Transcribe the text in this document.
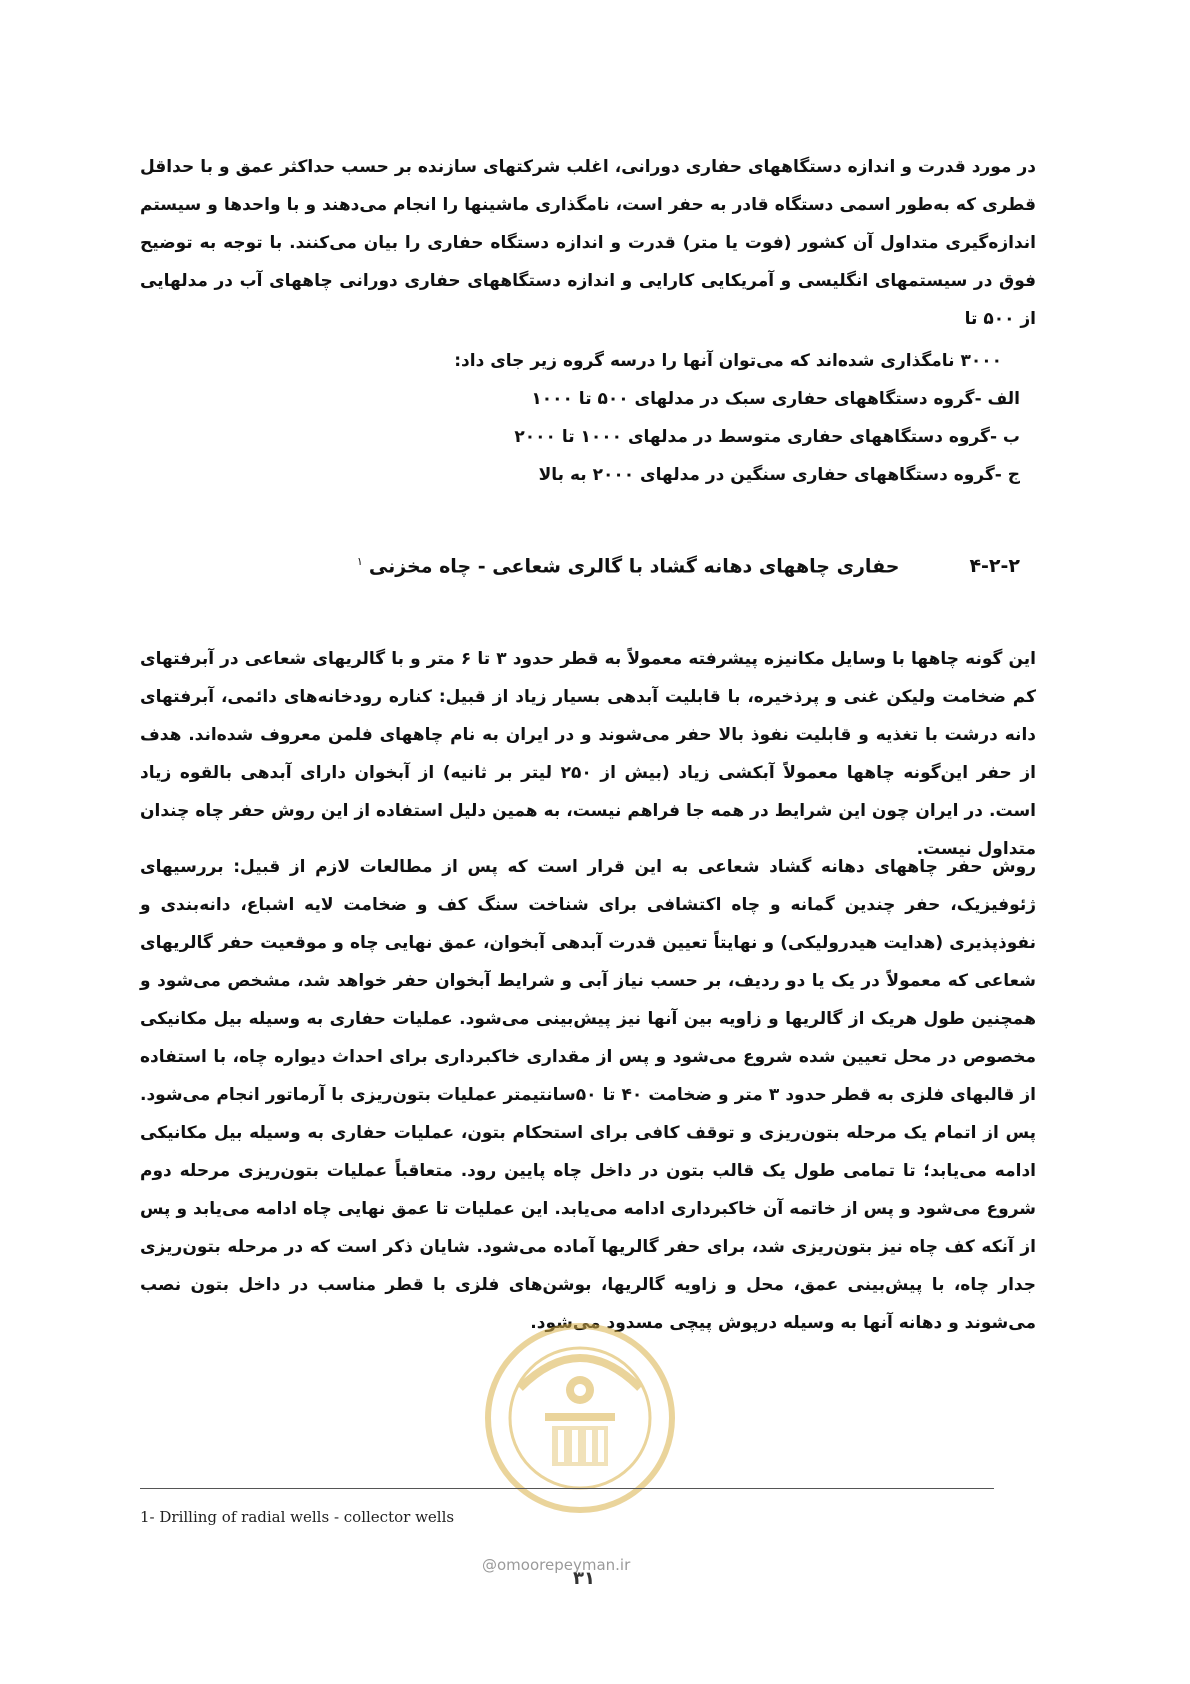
در مورد قدرت و اندازه دستگاههای حفاری دورانی، اغلب شرکتهای سازنده بر حسب حداکثر عمق و با حداقل قطری که به‌طور اسمی دستگاه قادر به حفر است، نامگذاری ماشینها را انجام می‌دهند و با واحدها و سیستم اندازه‌گیری متداول آن کشور (فوت یا متر) قدرت و اندازه دستگاه حفاری را بیان می‌کنند. با توجه به توضیح فوق در سیستمهای انگلیسی و آمریکایی کارایی و اندازه دستگاههای حفاری دورانی چاههای آب در مدلهایی از ۵۰۰ تا
۳۰۰۰ نامگذاری شده‌اند که می‌توان آنها را درسه گروه زیر جای داد:
الف -گروه دستگاههای حفاری سبک در مدلهای ۵۰۰ تا ۱۰۰۰
ب -گروه دستگاههای حفاری متوسط در مدلهای ۱۰۰۰ تا ۲۰۰۰
ج -گروه دستگاههای حفاری سنگین در مدلهای ۲۰۰۰ به بالا
۴-۲-۲
حفاری چاههای دهانه گشاد با گالری شعاعی - چاه مخزنی$^۱$
این گونه چاهها با وسایل مکانیزه پیشرفته معمولاً به قطر حدود ۳ تا ۶ متر و با گالریهای شعاعی در آبرفتهای کم ضخامت ولیکن غنی و پرذخیره، با قابلیت آبدهی بسیار زیاد از قبیل: کناره رودخانه‌های دائمی، آبرفتهای دانه درشت با تغذیه و قابلیت نفوذ بالا حفر می‌شوند و در ایران به نام چاههای فلمن معروف شده‌اند. هدف از حفر این‌گونه چاهها معمولاً آبکشی زیاد (بیش از ۲۵۰ لیتر بر ثانیه) از آبخوان دارای آبدهی بالقوه زیاد است. در ایران چون این شرایط در همه جا فراهم نیست، به همین دلیل استفاده از این روش حفر چاه چندان متداول نیست.
روش حفر چاههای دهانه گشاد شعاعی به این قرار است که پس از مطالعات لازم از قبیل: بررسیهای ژئوفیزیک، حفر چندین گمانه و چاه اکتشافی برای شناخت سنگ کف و ضخامت لایه اشباع، دانه‌بندی و نفوذپذیری (هدایت هیدرولیکی) و نهایتاً تعیین قدرت آبدهی آبخوان، عمق نهایی چاه و موقعیت حفر گالریهای شعاعی که معمولاً در یک یا دو ردیف، بر حسب نیاز آبی و شرایط آبخوان حفر خواهد شد، مشخص می‌شود و همچنین طول هریک از گالریها و زاویه بین آنها نیز پیش‌بینی می‌شود. عملیات حفاری به وسیله بیل مکانیکی مخصوص در محل تعیین شده شروع می‌شود و پس از مقداری خاکبرداری برای احداث دیواره چاه، با استفاده از قالبهای فلزی به قطر حدود ۳ متر و ضخامت ۴۰ تا ۵۰سانتیمتر عملیات بتون‌ریزی با آرماتور انجام می‌شود. پس از اتمام یک مرحله بتون‌ریزی و توقف کافی برای استحکام بتون، عملیات حفاری به وسیله بیل مکانیکی ادامه می‌یابد؛ تا تمامی طول یک قالب بتون در داخل چاه پایین رود. متعاقباً عملیات بتون‌ریزی مرحله دوم شروع می‌شود و پس از خاتمه آن خاکبرداری ادامه می‌یابد. این عملیات تا عمق نهایی چاه ادامه می‌یابد و پس از آنکه کف چاه نیز بتون‌ریزی شد، برای حفر گالریها آماده می‌شود. شایان ذکر است که در مرحله بتون‌ریزی جدار چاه، با پیش‌بینی عمق، محل و زاویه گالریها، بوشن‌های فلزی با قطر مناسب در داخل بتون نصب می‌شوند و دهانه آنها به وسیله درپوش پیچی مسدود می‌شود.
1- Drilling of radial wells - collector wells
@omoorepeyman.ir
۳۱
